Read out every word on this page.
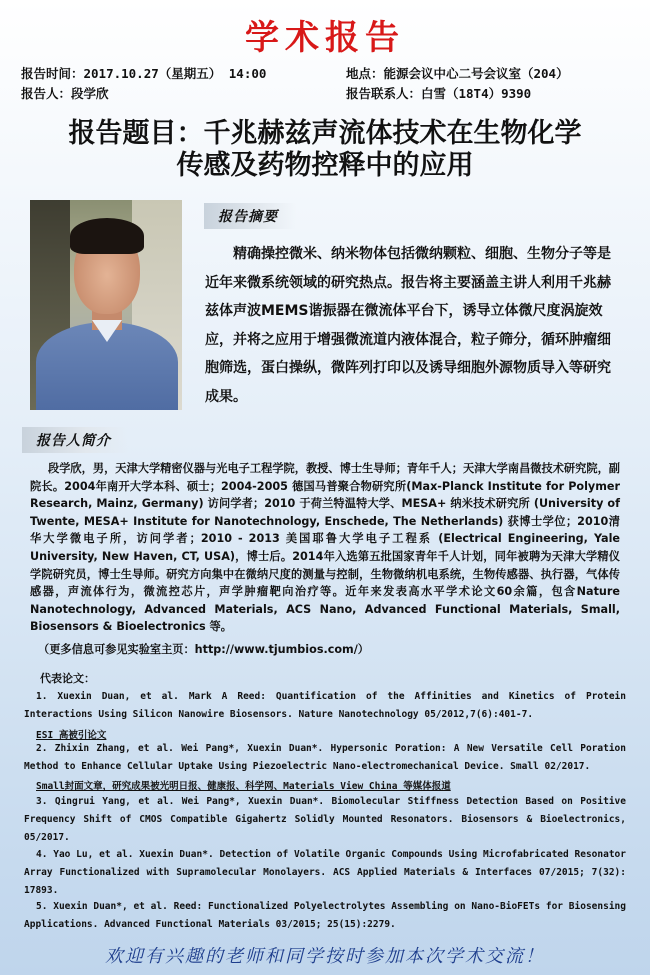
学术报告
报告时间：2017.10.27（星期五） 14:00	地点：能源会议中心二号会议室（204）
报告人：段学欣	报告联系人：白雪（18T4）9390
报告题目：千兆赫兹声流体技术在生物化学
传感及药物控释中的应用
报告摘要
精确操控微米、纳米物体包括微纳颗粒、细胞、生物分子等是近年来微系统领域的研究热点。报告将主要涵盖主讲人利用千兆赫兹体声波MEMS谐振器在微流体平台下，诱导立体微尺度涡旋效应，并将之应用于增强微流道内液体混合，粒子筛分，循环肿瘤细胞筛选，蛋白操纵，微阵列打印以及诱导细胞外源物质导入等研究成果。
报告人简介
段学欣，男，天津大学精密仪器与光电子工程学院，教授、博士生导师；青年千人；天津大学南昌微技术研究院，副院长。2004年南开大学本科、硕士；2004-2005 德国马普聚合物研究所(Max-Planck Institute for Polymer Research, Mainz, Germany) 访问学者；2010 于荷兰特温特大学、MESA+ 纳米技术研究所 (University of Twente, MESA+ Institute for Nanotechnology, Enschede, The Netherlands) 获博士学位；2010清华大学微电子所，访问学者；2010 - 2013 美国耶鲁大学电子工程系 (Electrical Engineering, Yale University, New Haven, CT, USA)，博士后。2014年入选第五批国家青年千人计划，同年被聘为天津大学精仪学院研究员，博士生导师。研究方向集中在微纳尺度的测量与控制，生物微纳机电系统，生物传感器、执行器，气体传感器，声流体行为，微流控芯片，声学肿瘤靶向治疗等。近年来发表高水平学术论文60余篇，包含Nature Nanotechnology, Advanced Materials, ACS Nano, Advanced Functional Materials, Small, Biosensors & Bioelectronics 等。
（更多信息可参见实验室主页：http://www.tjumbios.com/）
代表论文：
1. Xuexin Duan, et al. Mark A Reed: Quantification of the Affinities and Kinetics of Protein Interactions Using Silicon Nanowire Biosensors. Nature Nanotechnology 05/2012,7(6):401-7.
ESI 高被引论文
2. Zhixin Zhang, et al. Wei Pang*, Xuexin Duan*. Hypersonic Poration: A New Versatile Cell Poration Method to Enhance Cellular Uptake Using Piezoelectric Nano-electromechanical Device. Small 02/2017.
Small封面文章，研究成果被光明日报、健康报、科学网、Materials View China 等媒体报道
3. Qingrui Yang, et al. Wei Pang*, Xuexin Duan*. Biomolecular Stiffness Detection Based on Positive Frequency Shift of CMOS Compatible Gigahertz Solidly Mounted Resonators. Biosensors & Bioelectronics, 05/2017.
4. Yao Lu, et al. Xuexin Duan*. Detection of Volatile Organic Compounds Using Microfabricated Resonator Array Functionalized with Supramolecular Monolayers. ACS Applied Materials & Interfaces 07/2015; 7(32): 17893.
5. Xuexin Duan*, et al. Reed: Functionalized Polyelectrolytes Assembling on Nano-BioFETs for Biosensing Applications. Advanced Functional Materials 03/2015; 25(15):2279.
欢迎有兴趣的老师和同学按时参加本次学术交流！
